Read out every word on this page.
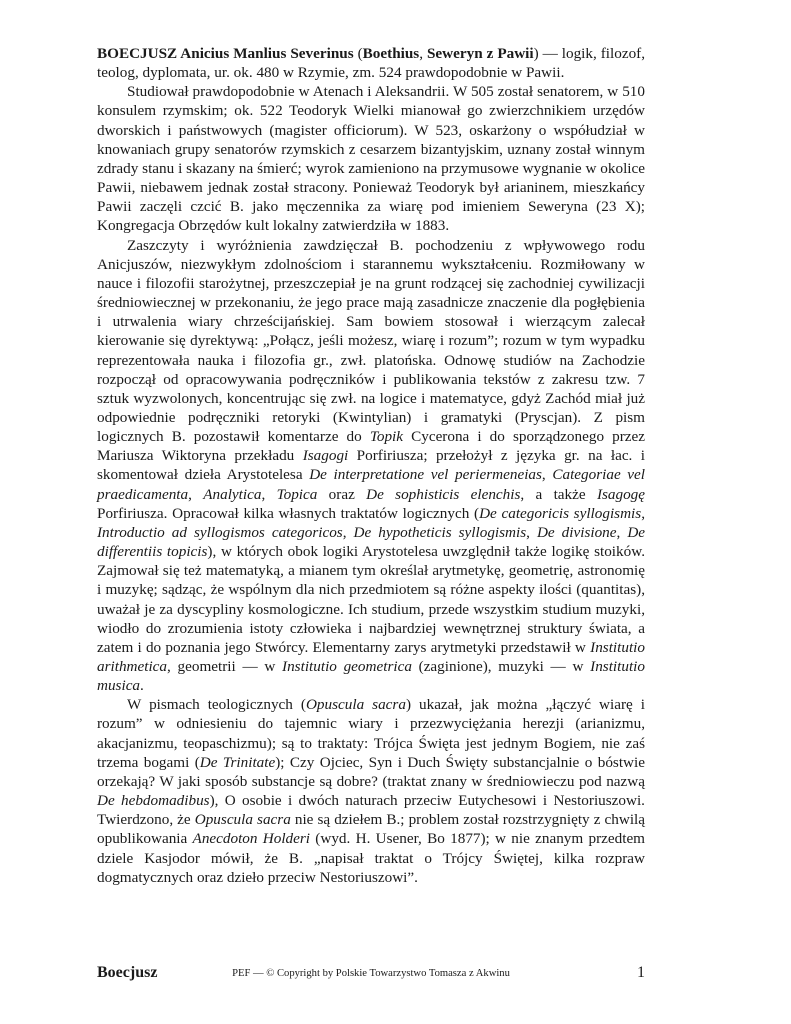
BOECJUSZ Anicius Manlius Severinus (Boethius, Seweryn z Pawii) — logik, filozof, teolog, dyplomata, ur. ok. 480 w Rzymie, zm. 524 prawdopodobnie w Pawii.

Studiował prawdopodobnie w Atenach i Aleksandrii. W 505 został senatorem, w 510 konsulem rzymskim; ok. 522 Teodoryk Wielki mianował go zwierzchnikiem urzędów dworskich i państwowych (magister officiorum). W 523, oskarżony o współudział w knowaniach grupy senatorów rzymskich z cesarzem bizantyjskim, uznany został winnym zdrady stanu i skazany na śmierć; wyrok zamieniono na przymusowe wygnanie w okolice Pawii, niebawem jednak został stracony. Ponieważ Teodoryk był arianinem, mieszkańcy Pawii zaczęli czcić B. jako męczennika za wiarę pod imieniem Seweryna (23 X); Kongregacja Obrzędów kult lokalny zatwierdziła w 1883.

Zaszczyty i wyróżnienia zawdzięczał B. pochodzeniu z wpływowego rodu Anicjuszów, niezwykłym zdolnościom i starannemu wykształceniu. Rozmiłowany w nauce i filozofii starożytnej, przeszczepiał je na grunt rodzącej się zachodniej cywilizacji średniowiecznej w przekonaniu, że jego prace mają zasadnicze znaczenie dla pogłębienia i utrwalenia wiary chrześcijańskiej. Sam bowiem stosował i wierzącym zalecał kierowanie się dyrektywą: „Połącz, jeśli możesz, wiarę i rozum”; rozum w tym wypadku reprezentowała nauka i filozofia gr., zwł. platońska. Odnowę studiów na Zachodzie rozpoczął od opracowywania podręczników i publikowania tekstów z zakresu tzw. 7 sztuk wyzwolonych, koncentrując się zwł. na logice i matematyce, gdyż Zachód miał już odpowiednie podręczniki retoryki (Kwintylian) i gramatyki (Pryscjan). Z pism logicznych B. pozostawił komentarze do Topik Cycerona i do sporządzonego przez Mariusza Wiktoryna przekładu Isagogi Porfiriusza; przełożył z języka gr. na łac. i skomentował dzieła Arystotelesa De interpretatione vel periermeneias, Categoriae vel praedicamenta, Analytica, Topica oraz De sophisticis elenchis, a także Isagogę Porfiriusza. Opracował kilka własnych traktatów logicznych (De categoricis syllogismis, Introductio ad syllogismos categoricos, De hypotheticis syllogismis, De divisione, De differentiis topicis), w których obok logiki Arystotelesa uwzględnił także logikę stoików. Zajmował się też matematyką, a mianem tym określał arytmetykę, geometrię, astronomię i muzykę; sądząc, że wspólnym dla nich przedmiotem są różne aspekty ilości (quantitas), uważał je za dyscypliny kosmologiczne. Ich studium, przede wszystkim studium muzyki, wiodło do zrozumienia istoty człowieka i najbardziej wewnętrznej struktury świata, a zatem i do poznania jego Stwórcy. Elementarny zarys arytmetyki przedstawił w Institutio arithmetica, geometrii — w Institutio geometrica (zaginione), muzyki — w Institutio musica.

W pismach teologicznych (Opuscula sacra) ukazał, jak można „łączyć wiarę i rozum” w odniesieniu do tajemnic wiary i przezwyciężania herezji (arianizmu, akacjanizmu, teopaschizmu); są to traktaty: Trójca Święta jest jednym Bogiem, nie zaś trzema bogami (De Trinitate); Czy Ojciec, Syn i Duch Święty substancjalnie o bóstwie orzekają? W jaki sposób substancje są dobre? (traktat znany w średniowieczu pod nazwą De hebdomadibus), O osobie i dwóch naturach przeciw Eutychesowi i Nestoriuszowi. Twierdzono, że Opuscula sacra nie są dziełem B.; problem został rozstrzygnięty z chwilą opublikowania Anecdoton Holderi (wyd. H. Usener, Bo 1877); w nie znanym przedtem dziele Kasjodor mówił, że B. „napisał traktat o Trójcy Świętej, kilka rozpraw dogmatycznych oraz dzieło przeciw Nestoriuszowi”.

Boecjusz	PEF — © Copyright by Polskie Towarzystwo Tomasza z Akwinu	1
